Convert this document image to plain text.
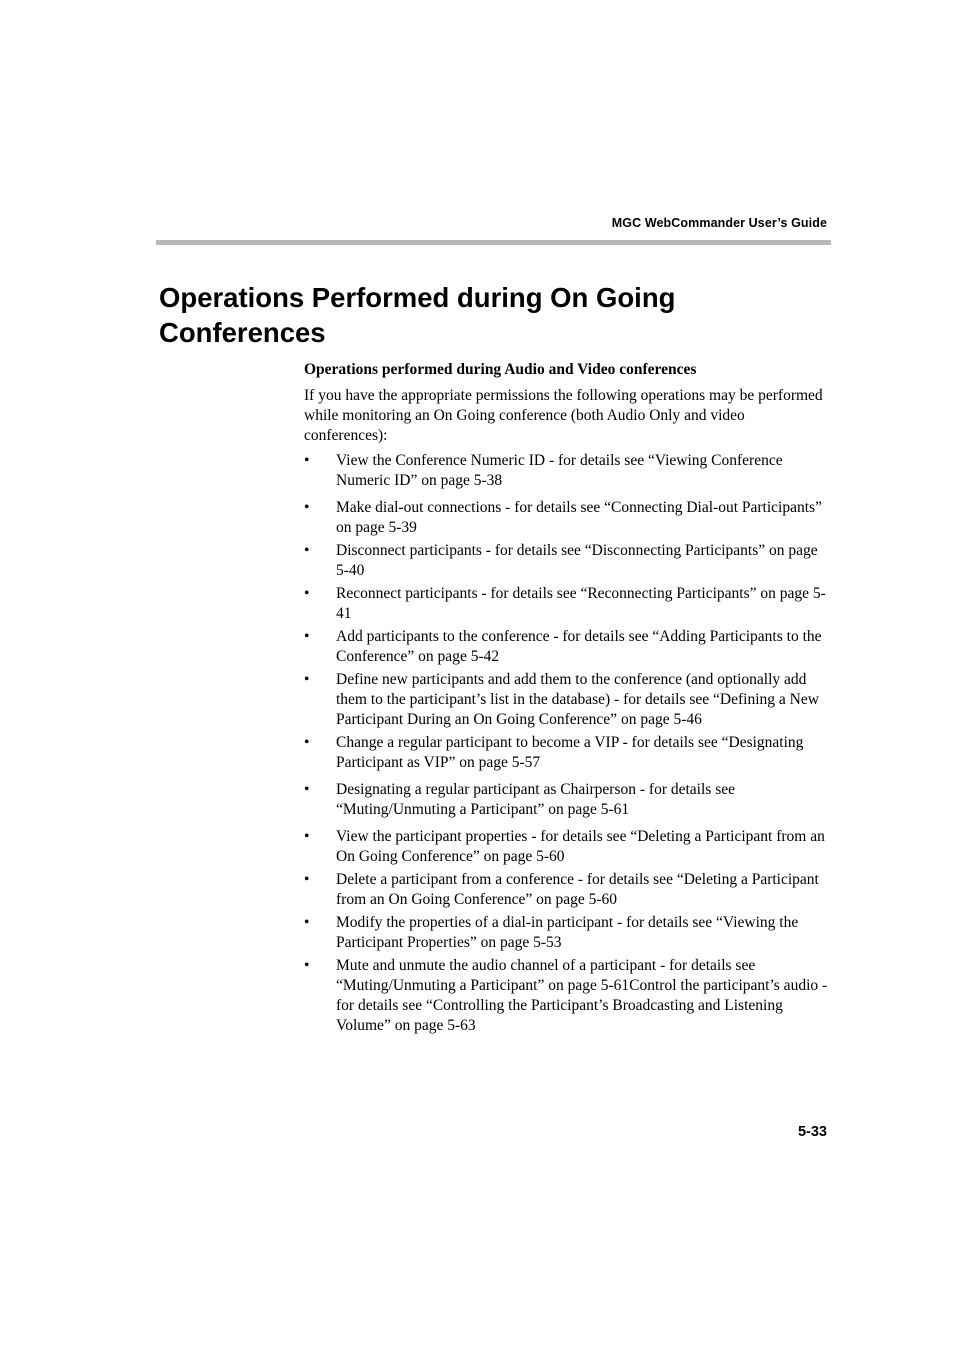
MGC WebCommander User’s Guide
Operations Performed during On Going Conferences

Operations performed during Audio and Video conferences

If you have the appropriate permissions the following operations may be performed while monitoring an On Going conference (both Audio Only and video conferences):

• View the Conference Numeric ID - for details see “Viewing Conference Numeric ID” on page 5-38
• Make dial-out connections - for details see “Connecting Dial-out Participants” on page 5-39
• Disconnect participants - for details see “Disconnecting Participants” on page 5-40
• Reconnect participants - for details see “Reconnecting Participants” on page 5-41
• Add participants to the conference - for details see “Adding Participants to the Conference” on page 5-42
• Define new participants and add them to the conference (and optionally add them to the participant’s list in the database) - for details see “Defining a New Participant During an On Going Conference” on page 5-46
• Change a regular participant to become a VIP - for details see “Designating Participant as VIP” on page 5-57
• Designating a regular participant as Chairperson - for details see “Muting/Unmuting a Participant” on page 5-61
• View the participant properties - for details see “Deleting a Participant from an On Going Conference” on page 5-60
• Delete a participant from a conference - for details see “Deleting a Participant from an On Going Conference” on page 5-60
• Modify the properties of a dial-in participant - for details see “Viewing the Participant Properties” on page 5-53
• Mute and unmute the audio channel of a participant - for details see “Muting/Unmuting a Participant” on page 5-61Control the participant’s audio - for details see “Controlling the Participant’s Broadcasting and Listening Volume” on page 5-63
5-33
